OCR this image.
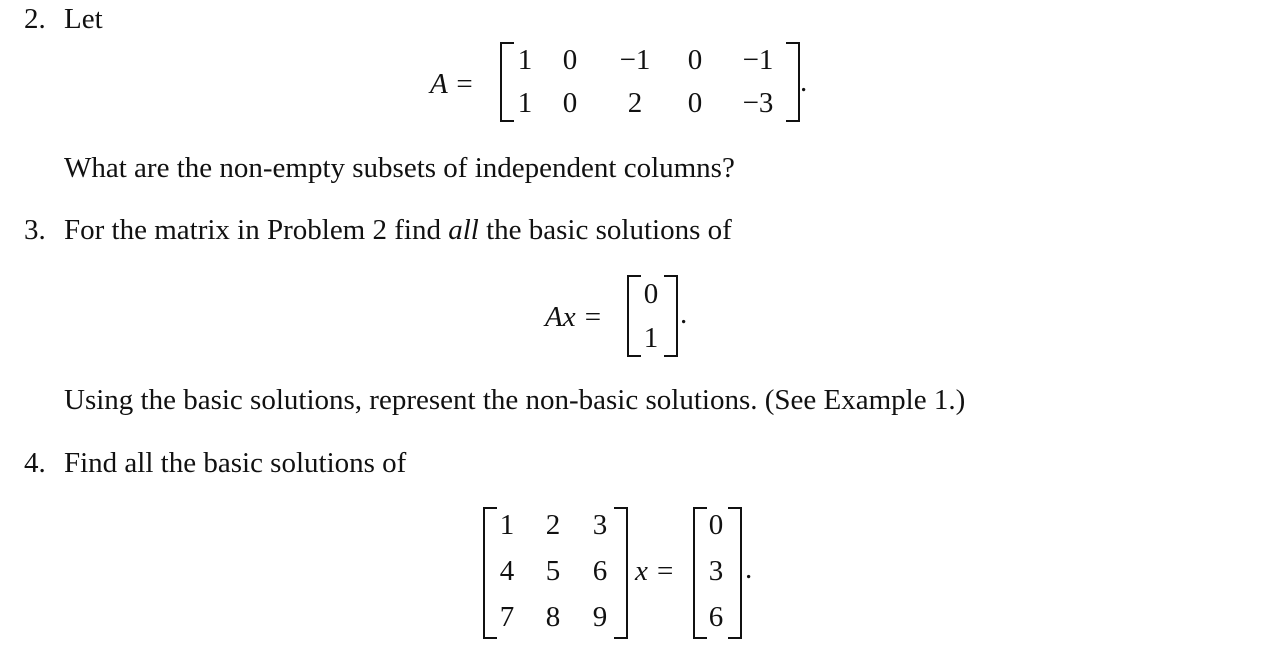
2. Let
A =
1 0	−1	0	−1
1 0	2	0	−3
.
What are the non-empty subsets of independent columns?
3. For the matrix in Problem 2 find all the basic solutions of
Ax =
0
1
.
Using the basic solutions, represent the non-basic solutions. (See Example 1.)
4. Find all the basic solutions of
1 2 3
4 5 6
7 8 9
x =
0
3
6
.
